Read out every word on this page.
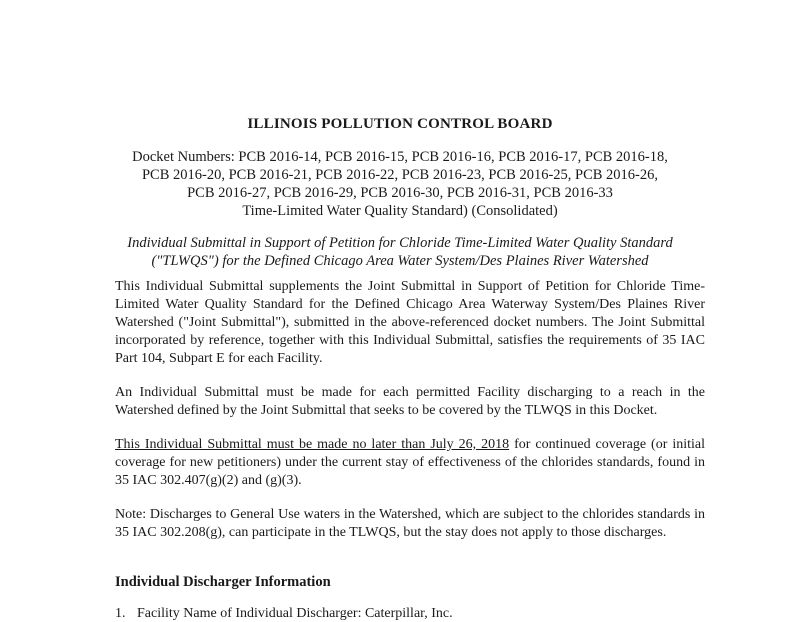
ILLINOIS POLLUTION CONTROL BOARD
Docket Numbers: PCB 2016-14, PCB 2016-15, PCB 2016-16, PCB 2016-17, PCB 2016-18,
PCB 2016-20, PCB 2016-21, PCB 2016-22, PCB 2016-23, PCB 2016-25, PCB 2016-26,
PCB 2016-27, PCB 2016-29, PCB 2016-30, PCB 2016-31, PCB 2016-33
Time-Limited Water Quality Standard) (Consolidated)
Individual Submittal in Support of Petition for Chloride Time-Limited Water Quality Standard
("TLWQS") for the Defined Chicago Area Water System/Des Plaines River Watershed

This Individual Submittal supplements the Joint Submittal in Support of Petition for Chloride Time-Limited Water Quality Standard for the Defined Chicago Area Waterway System/Des Plaines River Watershed ("Joint Submittal"), submitted in the above-referenced docket numbers. The Joint Submittal incorporated by reference, together with this Individual Submittal, satisfies the requirements of 35 IAC Part 104, Subpart E for each Facility.

An Individual Submittal must be made for each permitted Facility discharging to a reach in the Watershed defined by the Joint Submittal that seeks to be covered by the TLWQS in this Docket.

This Individual Submittal must be made no later than July 26, 2018 for continued coverage (or initial coverage for new petitioners) under the current stay of effectiveness of the chlorides standards, found in 35 IAC 302.407(g)(2) and (g)(3).

Note: Discharges to General Use waters in the Watershed, which are subject to the chlorides standards in 35 IAC 302.208(g), can participate in the TLWQS, but the stay does not apply to those discharges.

Individual Discharger Information
1. Facility Name of Individual Discharger: Caterpillar, Inc.
